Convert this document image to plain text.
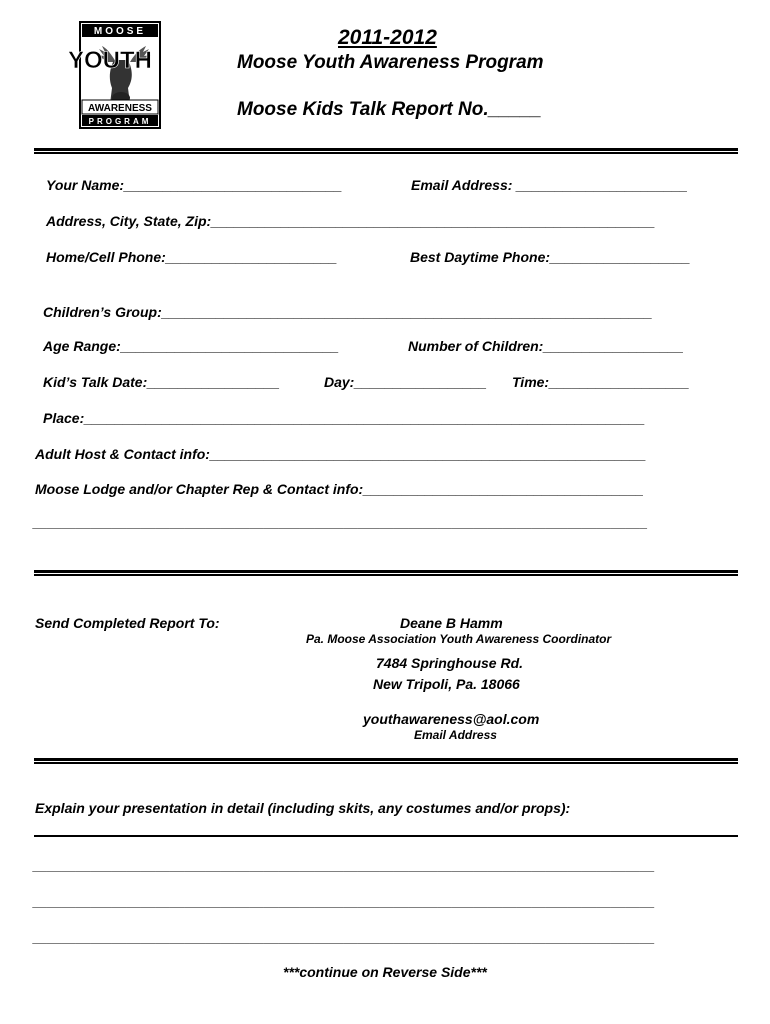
MOOSE
YOUTH
AWARENESS
PROGRAM
2011-2012
Moose Youth Awareness Program
Moose Kids Talk Report No._____
Your Name:____________________________	Email Address: ______________________
Address, City, State, Zip:_________________________________________________________
Home/Cell Phone:______________________	Best Daytime Phone:__________________
Children’s Group:_______________________________________________________________
Age Range:____________________________	Number of Children:__________________
Kid’s Talk Date:_________________	Day:_________________ Time:__________________
Place:________________________________________________________________________
Adult Host & Contact info:________________________________________________________
Moose Lodge and/or Chapter Rep & Contact info:____________________________________
_____________________________________________________________________________________
Send Completed Report To:	Deane B Hamm
Pa. Moose Association Youth Awareness Coordinator
7484 Springhouse Rd.
New Tripoli, Pa. 18066
youthawareness@aol.com
Email Address
Explain your presentation in detail (including skits, any costumes and/or props):
______________________________________________________________________________________
______________________________________________________________________________________
______________________________________________________________________________________
***continue on Reverse Side***
